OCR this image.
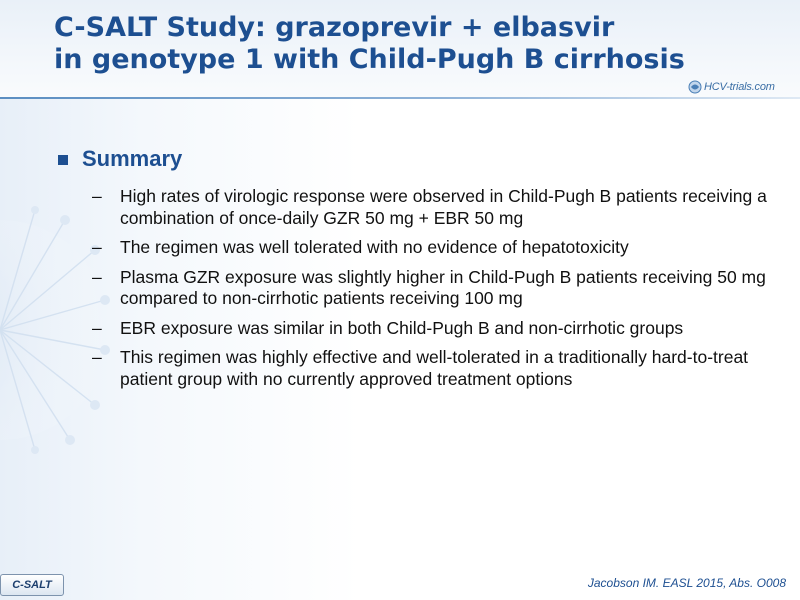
C-SALT Study: grazoprevir + elbasvir
in genotype 1 with Child-Pugh B cirrhosis
HCV-trials.com
Summary
–	High rates of virologic response were observed in Child-Pugh B patients receiving a combination of once-daily GZR 50 mg + EBR 50 mg
–	The regimen was well tolerated with no evidence of hepatotoxicity
–	Plasma GZR exposure was slightly higher in Child-Pugh B patients receiving 50 mg compared to non-cirrhotic patients receiving 100 mg
–	EBR exposure was similar in both Child-Pugh B and non-cirrhotic groups
–	This regimen was highly effective and well-tolerated in a traditionally hard-to-treat patient group with no currently approved treatment options
C-SALT	Jacobson IM. EASL 2015, Abs. O008
